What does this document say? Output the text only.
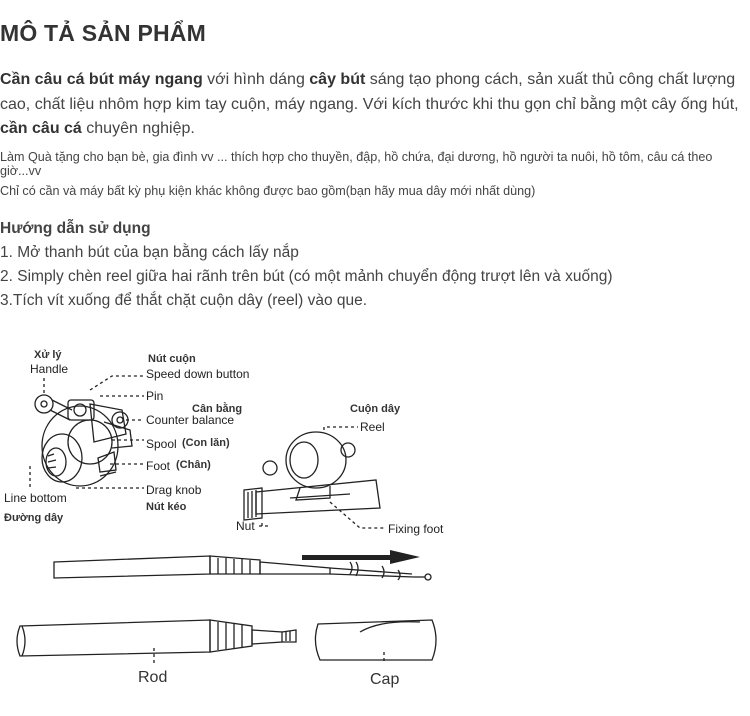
MÔ TẢ SẢN PHẨM
Cần câu cá bút máy ngang với hình dáng cây bút sáng tạo phong cách, sản xuất thủ công chất lượng cao, chất liệu nhôm hợp kim tay cuộn, máy ngang. Với kích thước khi thu gọn chỉ bằng một cây ống hút, cần câu cá chuyên nghiệp.
Làm Quà tặng cho bạn bè, gia đình vv ... thích hợp cho thuyền, đập, hồ chứa, đại dương, hồ người ta nuôi, hồ tôm, câu cá theo giờ...vv
Chỉ có cần và máy bất kỳ phụ kiện khác không được bao gồm(bạn hãy mua dây mới nhất dùng)
Hướng dẫn sử dụng
1. Mở thanh bút của bạn bằng cách lấy nắp
2. Simply chèn reel giữa hai rãnh trên bút (có một mảnh chuyển động trượt lên và xuống)
3.Tích vít xuống để thắt chặt cuộn dây (reel) vào que.
Xử lý
Handle
Nút cuộn
Speed down button
Pin
Cân bằng
Counter balance
Spool (Con lăn)
Foot (Chân)
Drag knob
Nút kéo
Line bottom
Đường dây
Cuộn dây
Reel
Nut	Fixing foot
Rod	Cap
